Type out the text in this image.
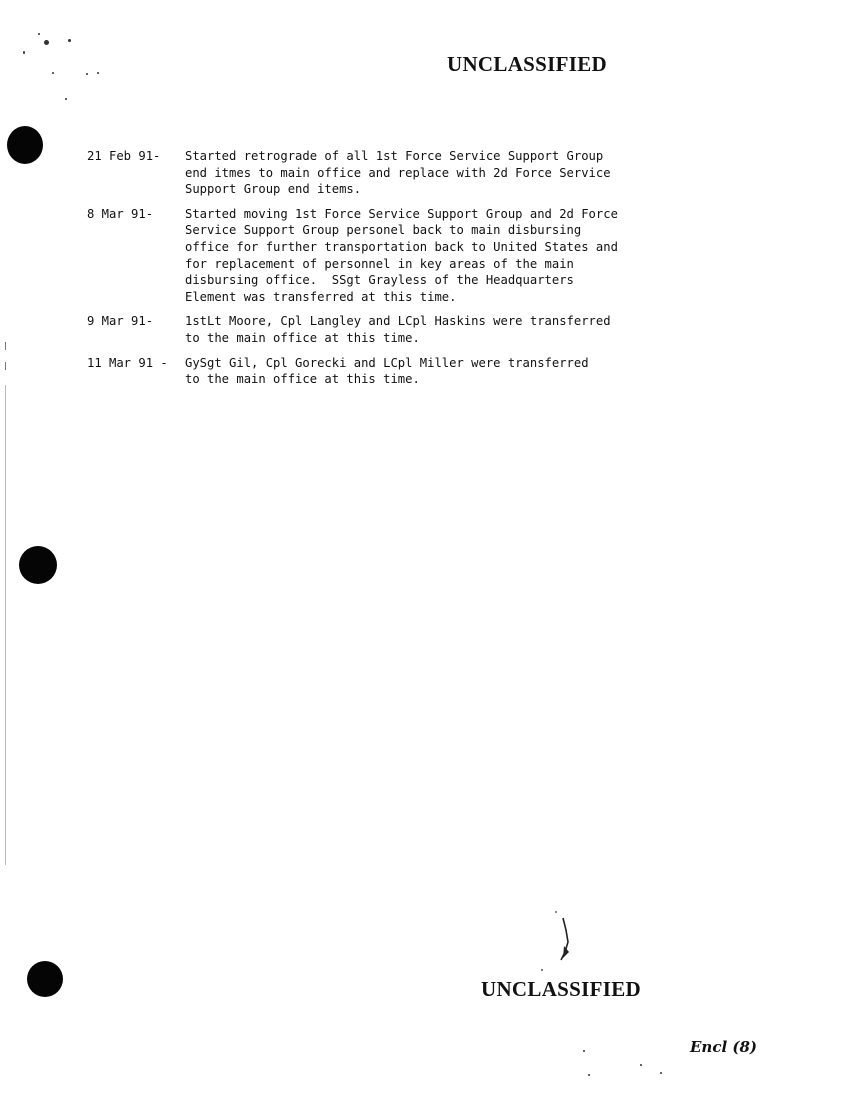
UNCLASSIFIED
21 Feb 91-	Started retrograde of all 1st Force Service Support Group
end itmes to main office and replace with 2d Force Service
Support Group end items.
8 Mar 91-	Started moving 1st Force Service Support Group and 2d Force
Service Support Group personel back to main disbursing
office for further transportation back to United States and
for replacement of personnel in key areas of the main
disbursing office.  SSgt Grayless of the Headquarters
Element was transferred at this time.
9 Mar 91-	1stLt Moore, Cpl Langley and LCpl Haskins were transferred
to the main office at this time.
11 Mar 91 -	GySgt Gil, Cpl Gorecki and LCpl Miller were transferred
to the main office at this time.
UNCLASSIFIED
Encl (8)
